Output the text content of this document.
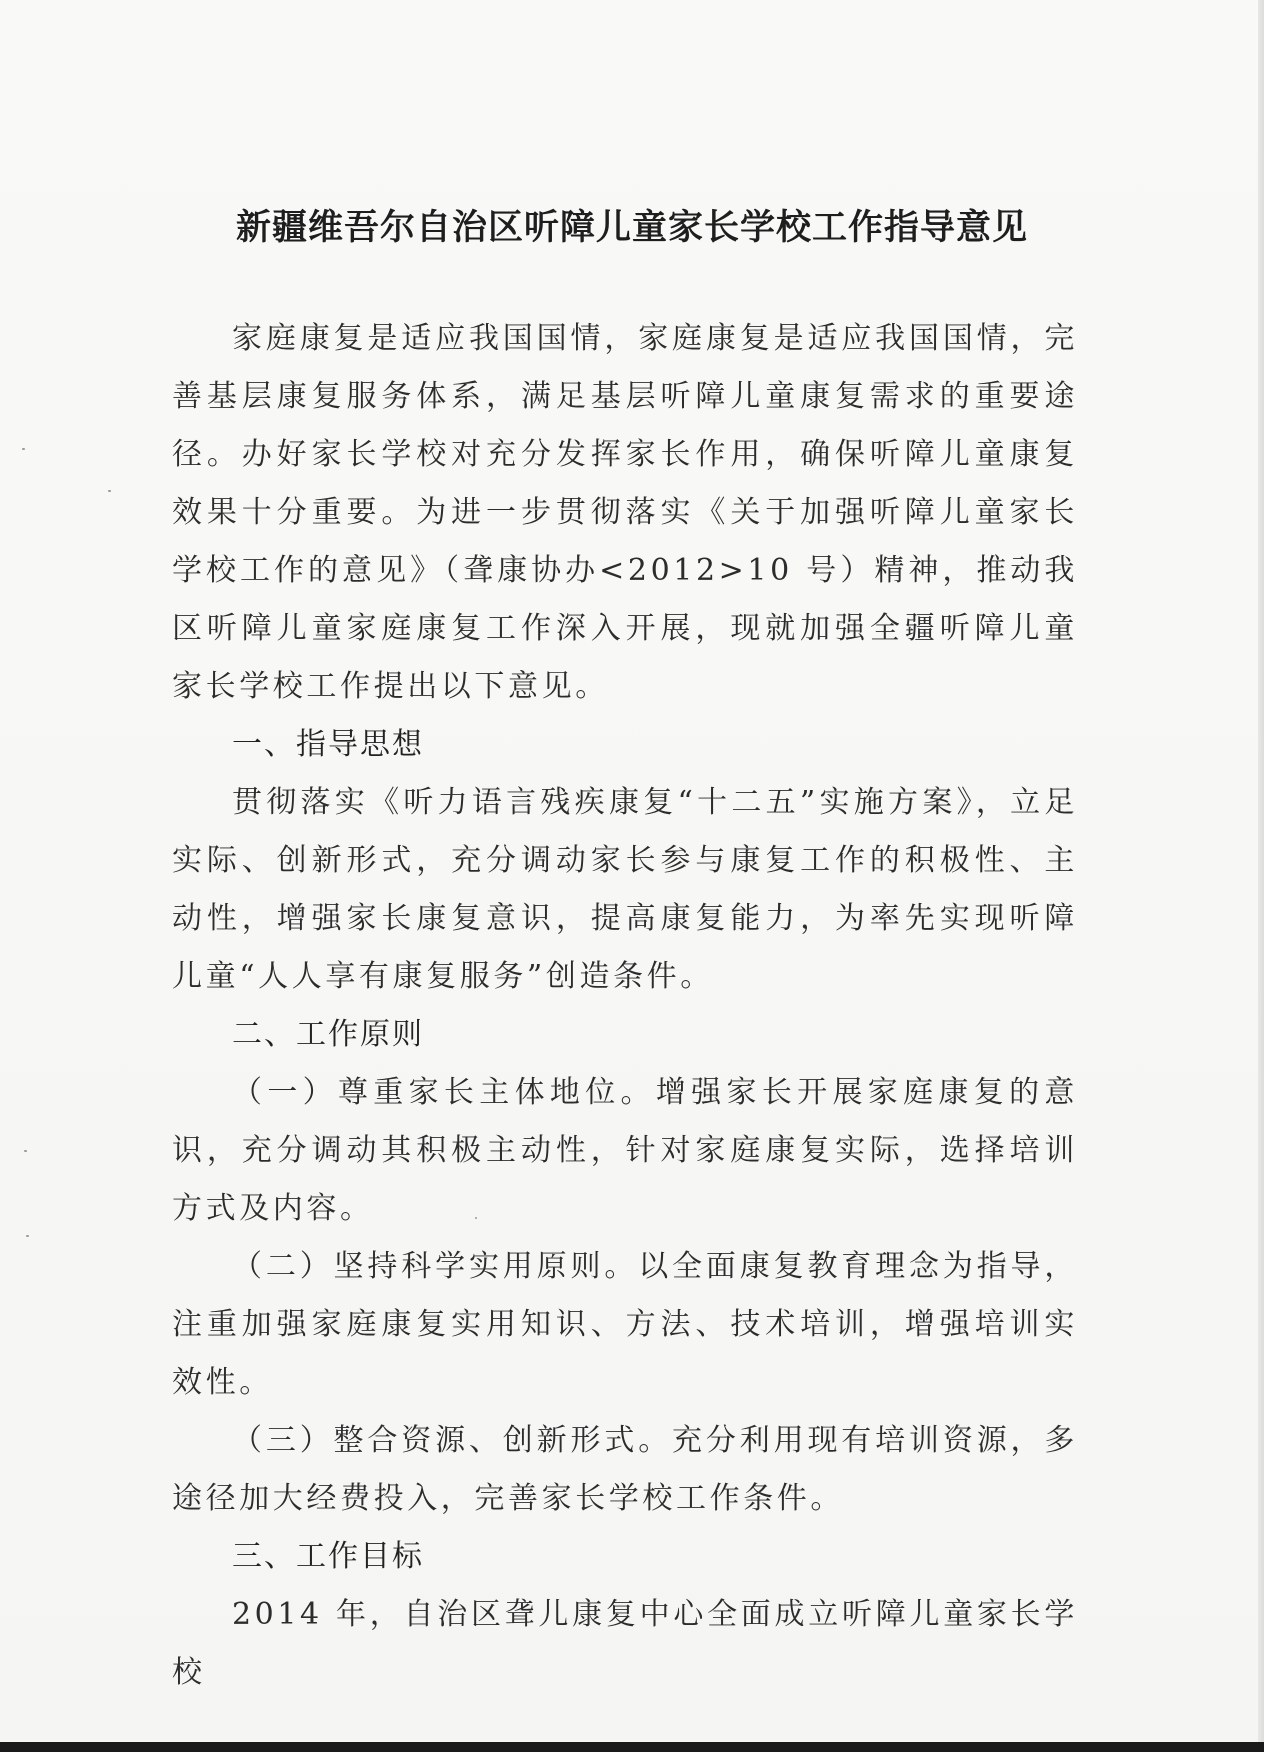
新疆维吾尔自治区听障儿童家长学校工作指导意见

家庭康复是适应我国国情，家庭康复是适应我国国情，完善基层康复服务体系，满足基层听障儿童康复需求的重要途径。办好家长学校对充分发挥家长作用，确保听障儿童康复效果十分重要。为进一步贯彻落实《关于加强听障儿童家长学校工作的意见》（聋康协办<2012>10 号）精神，推动我区听障儿童家庭康复工作深入开展，现就加强全疆听障儿童家长学校工作提出以下意见。

一、指导思想

贯彻落实《听力语言残疾康复“十二五”实施方案》，立足实际、创新形式，充分调动家长参与康复工作的积极性、主动性，增强家长康复意识，提高康复能力，为率先实现听障儿童“人人享有康复服务”创造条件。

二、工作原则

（一）尊重家长主体地位。增强家长开展家庭康复的意识，充分调动其积极主动性，针对家庭康复实际，选择培训方式及内容。

（二）坚持科学实用原则。以全面康复教育理念为指导，注重加强家庭康复实用知识、方法、技术培训，增强培训实效性。

（三）整合资源、创新形式。充分利用现有培训资源，多途径加大经费投入，完善家长学校工作条件。

三、工作目标

2014 年，自治区聋儿康复中心全面成立听障儿童家长学校
